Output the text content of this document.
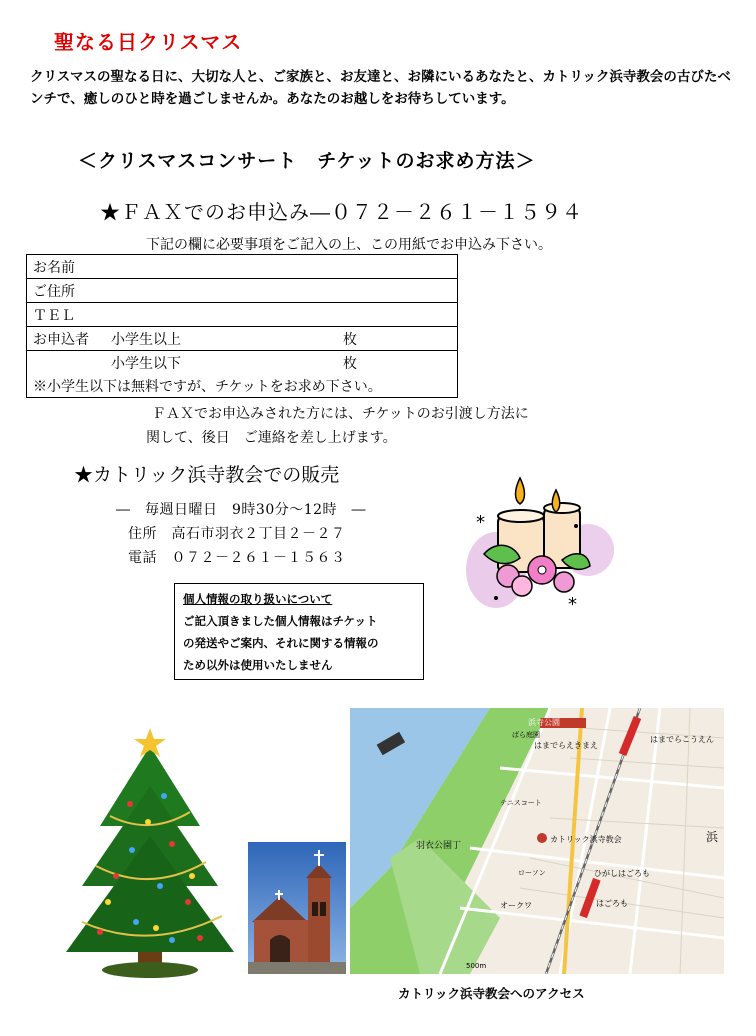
聖なる日クリスマス
クリスマスの聖なる日に、大切な人と、ご家族と、お友達と、お隣にいるあなたと、カトリック浜寺教会の古びたベンチで、癒しのひと時を過ごしませんか。あなたのお越しをお待ちしています。
＜クリスマスコンサート　チケットのお求め方法＞
★ＦＡＸでのお申込み―０７２－２６１－１５９４
下記の欄に必要事項をご記入の上、この用紙でお申込み下さい。
お名前
ご住所
ＴＥＬ

お申込者	小学生以上	枚

小学生以下	枚

※小学生以下は無料ですが、チケットをお求め下さい。
ＦＡＸでお申込みされた方には、チケットのお引渡し方法に
関して、後日　ご連絡を差し上げます。
★カトリック浜寺教会での販売
―　毎週日曜日　9時30分～12時　―
住所　高石市羽衣２丁目２－２７
電話　０７２－２６１－１５６３
*
*
個人情報の取り扱いについて
ご記入頂きました個人情報はチケット
の発送やご案内、それに関する情報の
ため以外は使用いたしません
浜寺公園
はまでらえきまえ
はまでらこうえん
ばら庭園
テニスコート
羽衣公園丁
カトリック浜寺教会
ひがしはごろも
はごろも
ローソン
オークワ
浜
500m
カトリック浜寺教会へのアクセス
